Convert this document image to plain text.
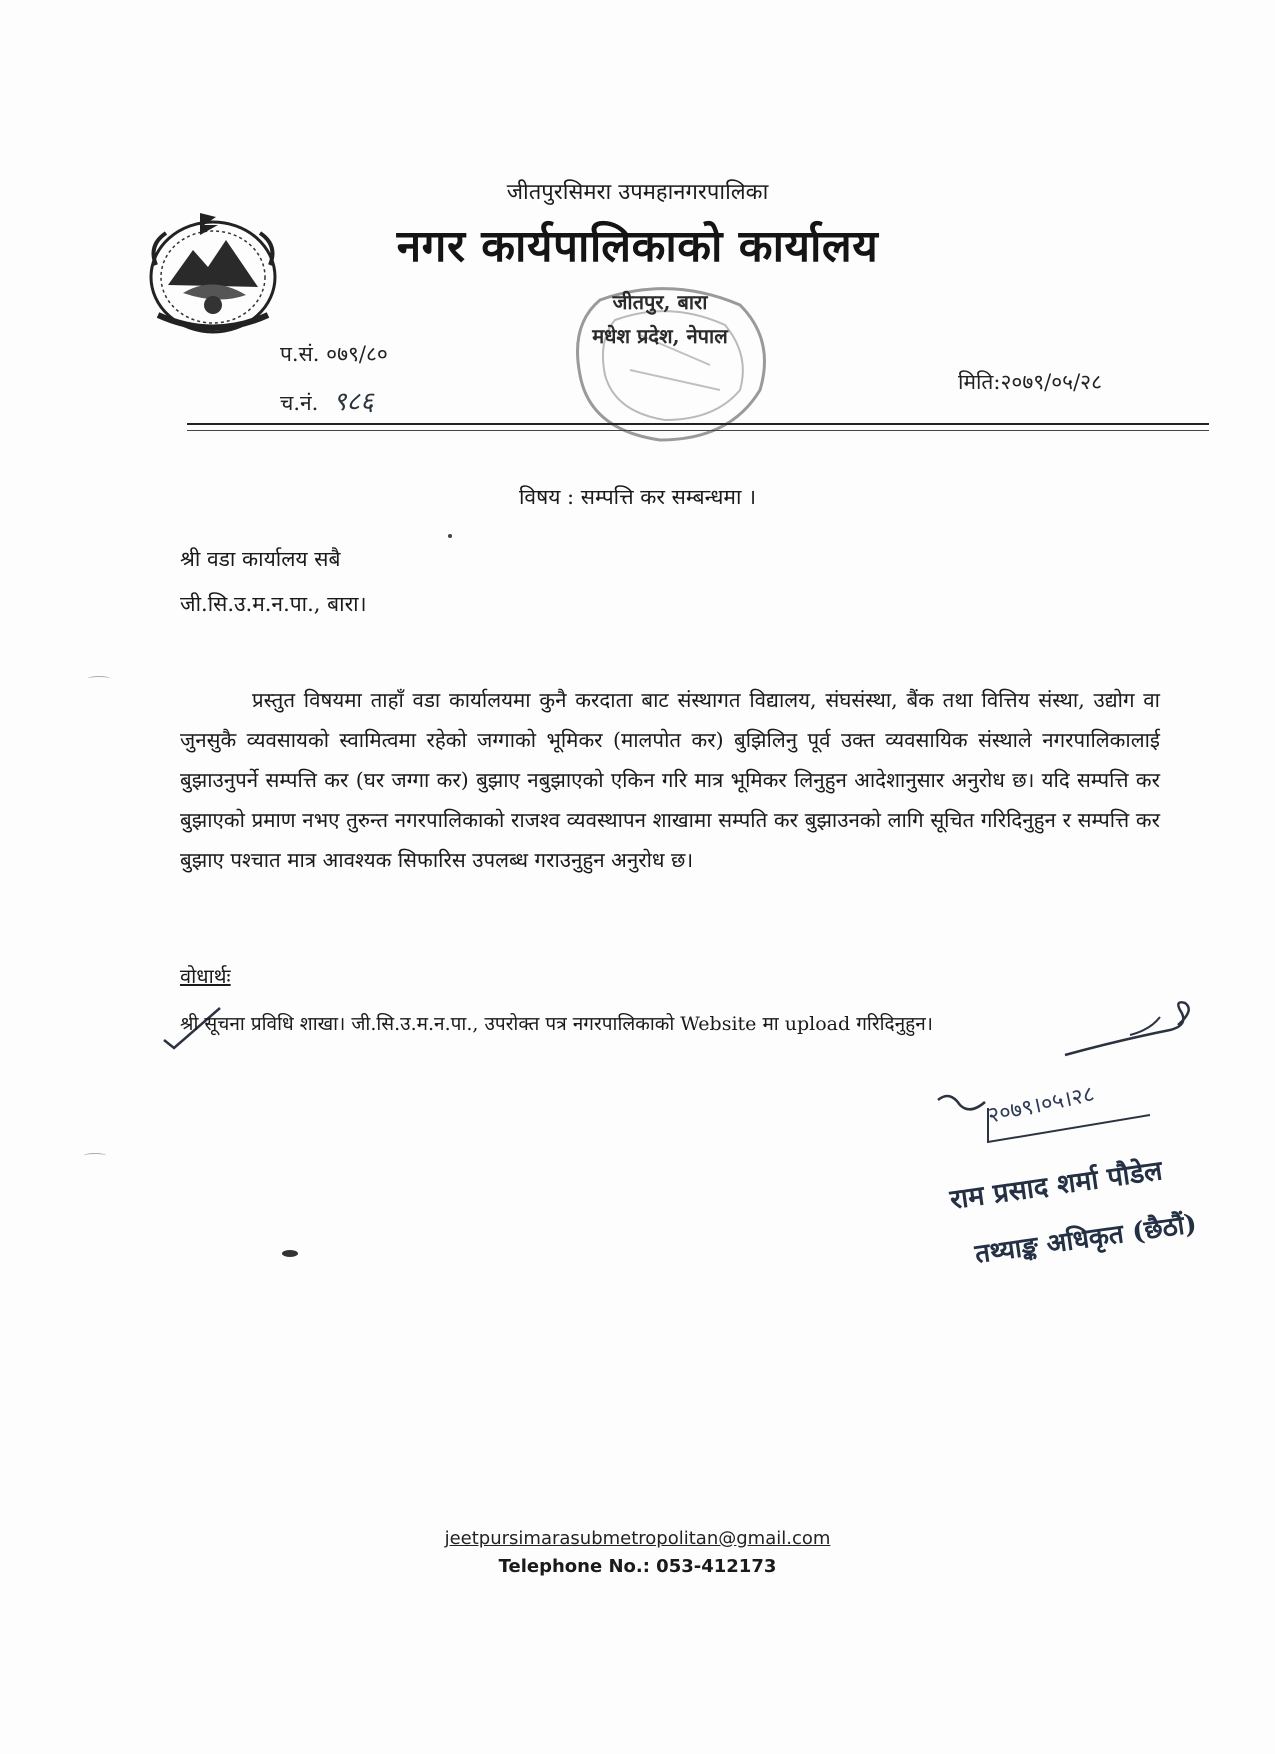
जीतपुरसिमरा उपमहानगरपालिका
नगर कार्यपालिकाको कार्यालय
जीतपुर, बारा
मधेश प्रदेश, नेपाल
प.सं. ०७९/८०
च.नं. ९८६
मिति:२०७९/०५/२८
विषय : सम्पत्ति कर सम्बन्धमा ।
श्री वडा कार्यालय सबै
जी.सि.उ.म.न.पा., बारा।
प्रस्तुत विषयमा ताहाँ वडा कार्यालयमा कुनै करदाता बाट संस्थागत विद्यालय, संघसंस्था, बैंक तथा वित्तिय संस्था, उद्योग वा जुनसुकै व्यवसायको स्वामित्वमा रहेको जग्गाको भूमिकर (मालपोत कर) बुझिलिनु पूर्व उक्त व्यवसायिक संस्थाले नगरपालिकालाई बुझाउनुपर्ने सम्पत्ति कर (घर जग्गा कर) बुझाए नबुझाएको एकिन गरि मात्र भूमिकर लिनुहुन आदेशानुसार अनुरोध छ। यदि सम्पत्ति कर बुझाएको प्रमाण नभए तुरुन्त नगरपालिकाको राजश्व व्यवस्थापन शाखामा सम्पति कर बुझाउनको लागि सूचित गरिदिनुहुन र सम्पत्ति कर बुझाए पश्चात मात्र आवश्यक सिफारिस उपलब्ध गराउनुहुन अनुरोध छ।
वोधार्थः
श्री सूचना प्रविधि शाखा। जी.सि.उ.म.न.पा., उपरोक्त पत्र नगरपालिकाको Website मा upload गरिदिनुहुन।
२०७९।०५।२८
राम प्रसाद शर्मा पौडेल
तथ्याङ्क अधिकृत (छैठौं)
jeetpursimarasubmetropolitan@gmail.com
Telephone No.: 053-412173
